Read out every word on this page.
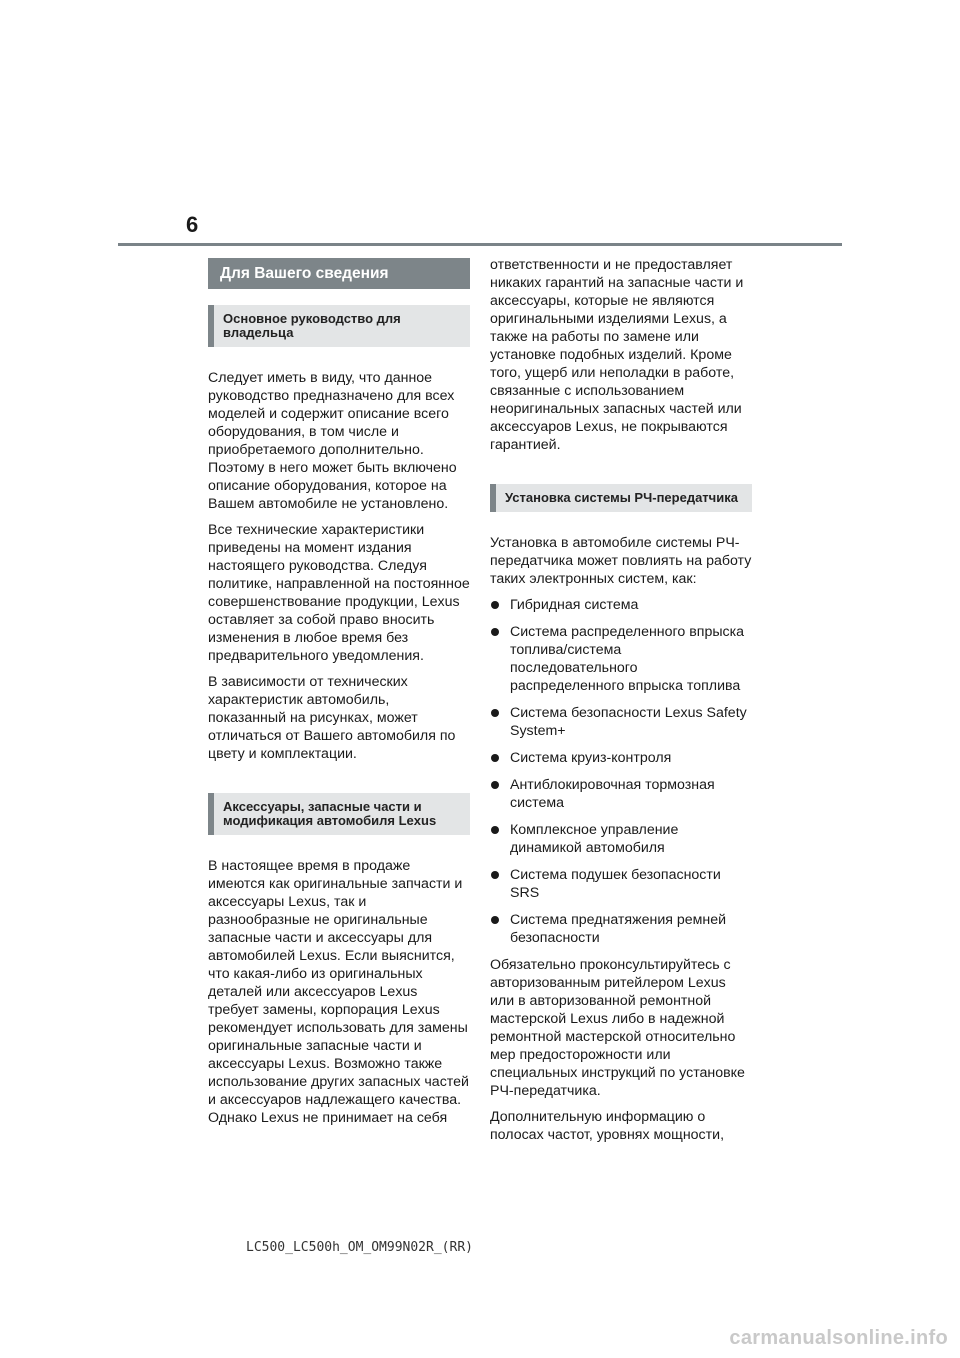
6
Для Вашего сведения
Основное руководство для владельца

Следует иметь в виду, что данное руководство предназначено для всех моделей и содержит описание всего оборудования, в том числе и приобретаемого дополнительно. Поэтому в него может быть включено описание оборудования, которое на Вашем автомобиле не установлено.

Все технические характеристики приведены на момент издания настоящего руководства. Следуя политике, направленной на постоянное совершенствование продукции, Lexus оставляет за собой право вносить изменения в любое время без предварительного уведомления.

В зависимости от технических характеристик автомобиль, показанный на рисунках, может отличаться от Вашего автомобиля по цвету и комплектации.

Аксессуары, запасные части и модификация автомобиля Lexus

В настоящее время в продаже имеются как оригинальные запчасти и аксессуары Lexus, так и разнообразные не оригинальные запасные части и аксессуары для автомобилей Lexus. Если выяснится, что какая-либо из оригинальных деталей или аксессуаров Lexus требует замены, корпорация Lexus рекомендует использовать для замены оригинальные запасные части и аксессуары Lexus. Возможно также использование других запасных частей и аксессуаров надлежащего качества. Однако Lexus не принимает на себя

ответственности и не предоставляет никаких гарантий на запасные части и аксессуары, которые не являются оригинальными изделиями Lexus, а также на работы по замене или установке подобных изделий. Кроме того, ущерб или неполадки в работе, связанные с использованием неоригинальных запасных частей или аксессуаров Lexus, не покрываются гарантией.

Установка системы РЧ-передатчика

Установка в автомобиле системы РЧ-передатчика может повлиять на работу таких электронных систем, как:

Гибридная система
Система распределенного впрыска топлива/система последовательного распределенного впрыска топлива
Система безопасности Lexus Safety System+
Система круиз-контроля
Антиблокировочная тормозная система
Комплексное управление динамикой автомобиля
Система подушек безопасности SRS
Система преднатяжения ремней безопасности

Обязательно проконсультируйтесь с авторизованным ритейлером Lexus или в авторизованной ремонтной мастерской Lexus либо в надежной ремонтной мастерской относительно мер предосторожности или специальных инструкций по установке РЧ-передатчика.

Дополнительную информацию о полосах частот, уровнях мощности,

LC500_LC500h_OM_OM99N02R_(RR)
carmanualsonline.info
